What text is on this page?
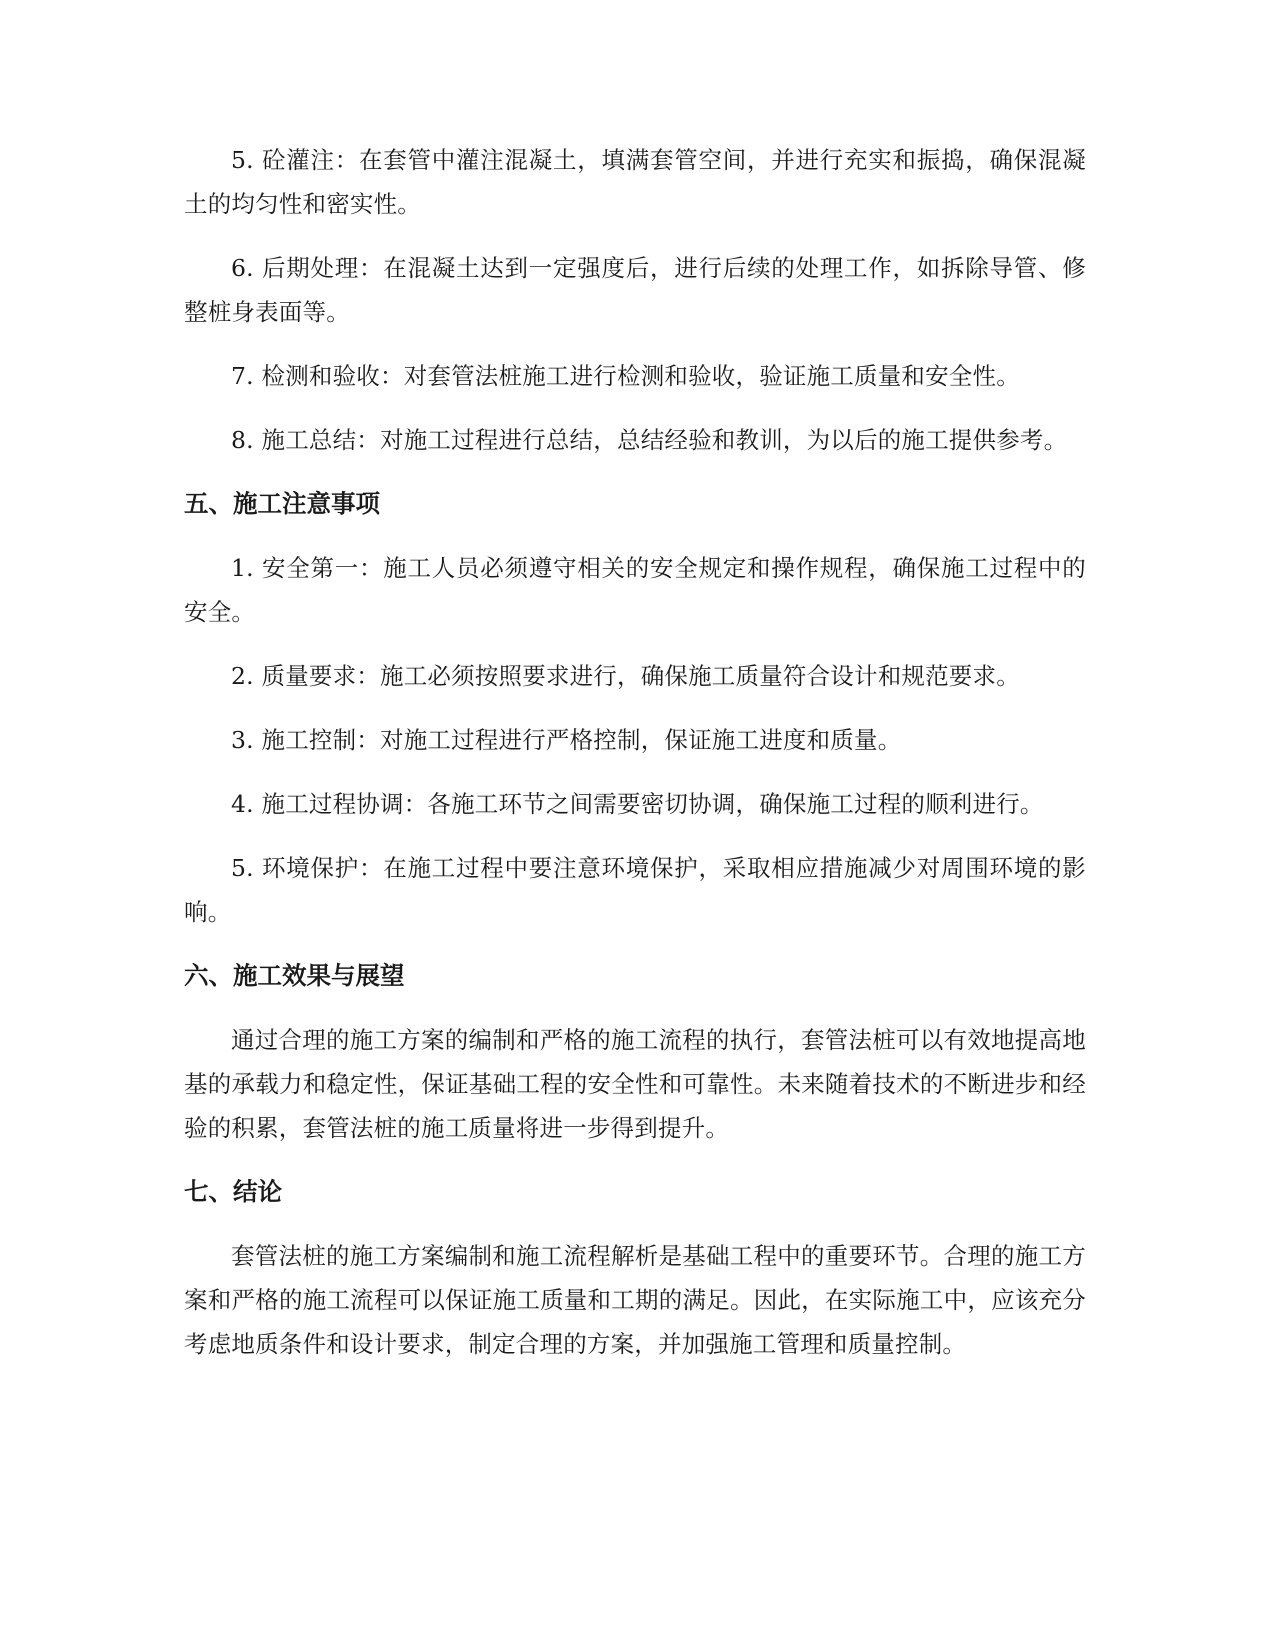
5. 砼灌注：在套管中灌注混凝土，填满套管空间，并进行充实和振捣，确保混凝土的均匀性和密实性。

6. 后期处理：在混凝土达到一定强度后，进行后续的处理工作，如拆除导管、修整桩身表面等。

7. 检测和验收：对套管法桩施工进行检测和验收，验证施工质量和安全性。

8. 施工总结：对施工过程进行总结，总结经验和教训，为以后的施工提供参考。

五、施工注意事项

1. 安全第一：施工人员必须遵守相关的安全规定和操作规程，确保施工过程中的安全。

2. 质量要求：施工必须按照要求进行，确保施工质量符合设计和规范要求。

3. 施工控制：对施工过程进行严格控制，保证施工进度和质量。

4. 施工过程协调：各施工环节之间需要密切协调，确保施工过程的顺利进行。

5. 环境保护：在施工过程中要注意环境保护，采取相应措施减少对周围环境的影响。

六、施工效果与展望

通过合理的施工方案的编制和严格的施工流程的执行，套管法桩可以有效地提高地基的承载力和稳定性，保证基础工程的安全性和可靠性。未来随着技术的不断进步和经验的积累，套管法桩的施工质量将进一步得到提升。

七、结论

套管法桩的施工方案编制和施工流程解析是基础工程中的重要环节。合理的施工方案和严格的施工流程可以保证施工质量和工期的满足。因此，在实际施工中，应该充分考虑地质条件和设计要求，制定合理的方案，并加强施工管理和质量控制。
